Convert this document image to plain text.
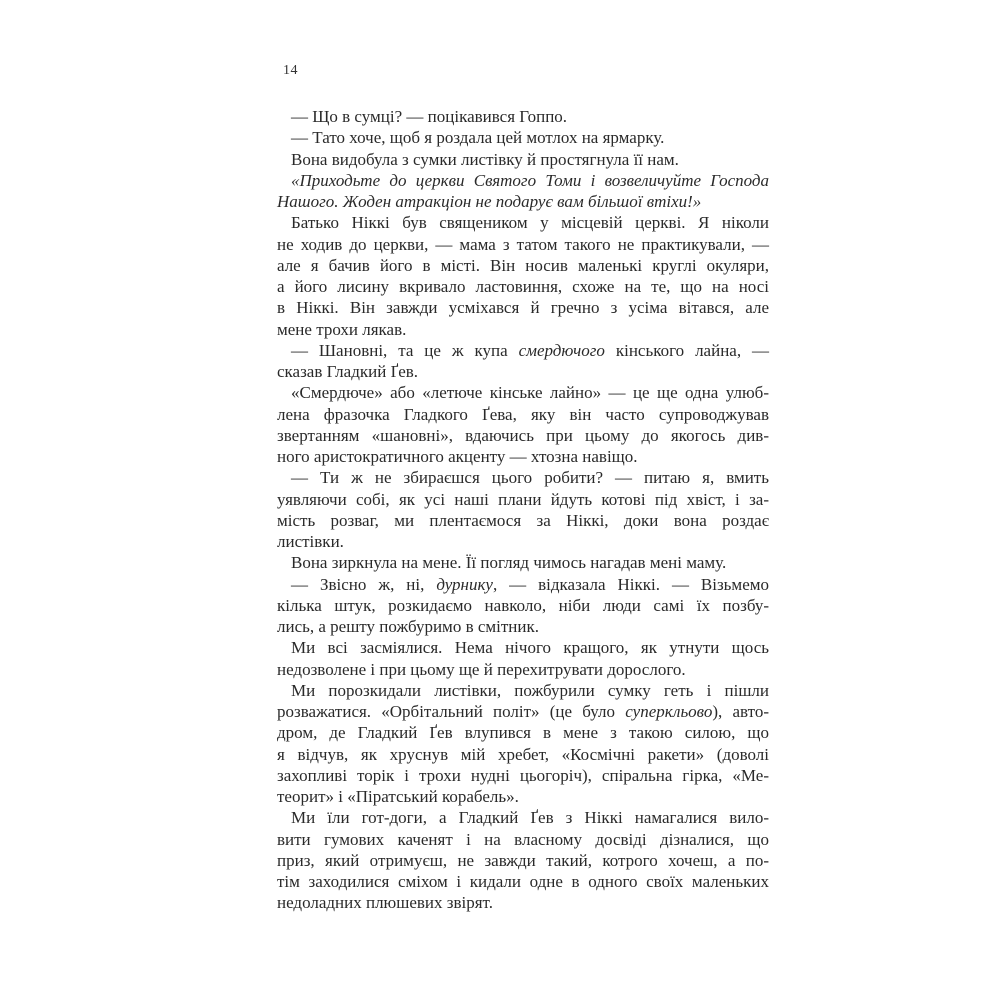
14
— Що в сумці? — поцікавився Гоппо.
— Тато хоче, щоб я роздала цей мотлох на ярмарку.
Вона видобула з сумки листівку й простягнула її нам.
«Приходьте до церкви Святого Томи і возвеличуйте Господа
Нашого. Жоден атракціон не подарує вам більшої втіхи!»
Батько Ніккі був священиком у місцевій церкві. Я ніколи
не ходив до церкви, — мама з татом такого не практикували, —
але я бачив його в місті. Він носив маленькі круглі окуляри,
а його лисину вкривало ластовиння, схоже на те, що на носі
в Ніккі. Він завжди усміхався й гречно з усіма вітався, але
мене трохи лякав.
— Шановні, та це ж купа смердючого кінського лайна, —
сказав Гладкий Ґев.
«Смердюче» або «летюче кінське лайно» — це ще одна улюб-
лена фразочка Гладкого Ґева, яку він часто супроводжував
звертанням «шановні», вдаючись при цьому до якогось див-
ного аристократичного акценту — хтозна навіщо.
— Ти ж не збираєшся цього робити? — питаю я, вмить
уявляючи собі, як усі наші плани йдуть котові під хвіст, і за-
мість розваг, ми плентаємося за Ніккі, доки вона роздає
листівки.
Вона зиркнула на мене. Її погляд чимось нагадав мені маму.
— Звісно ж, ні, дурнику, — відказала Ніккі. — Візьмемо
кілька штук, розкидаємо навколо, ніби люди самі їх позбу-
лись, а решту пожбуримо в смітник.
Ми всі засміялися. Нема нічого кращого, як утнути щось
недозволене і при цьому ще й перехитрувати дорослого.
Ми порозкидали листівки, пожбурили сумку геть і пішли
розважатися. «Орбітальний політ» (це було суперкльово), авто-
дром, де Гладкий Ґев влупився в мене з такою силою, що
я відчув, як хруснув мій хребет, «Космічні ракети» (доволі
захопливі торік і трохи нудні цьогоріч), спіральна гірка, «Ме-
теорит» і «Піратський корабель».
Ми їли гот-доги, а Гладкий Ґев з Ніккі намагалися вило-
вити гумових каченят і на власному досвіді дізналися, що
приз, який отримуєш, не завжди такий, котрого хочеш, а по-
тім заходилися сміхом і кидали одне в одного своїх маленьких
недоладних плюшевих звірят.
